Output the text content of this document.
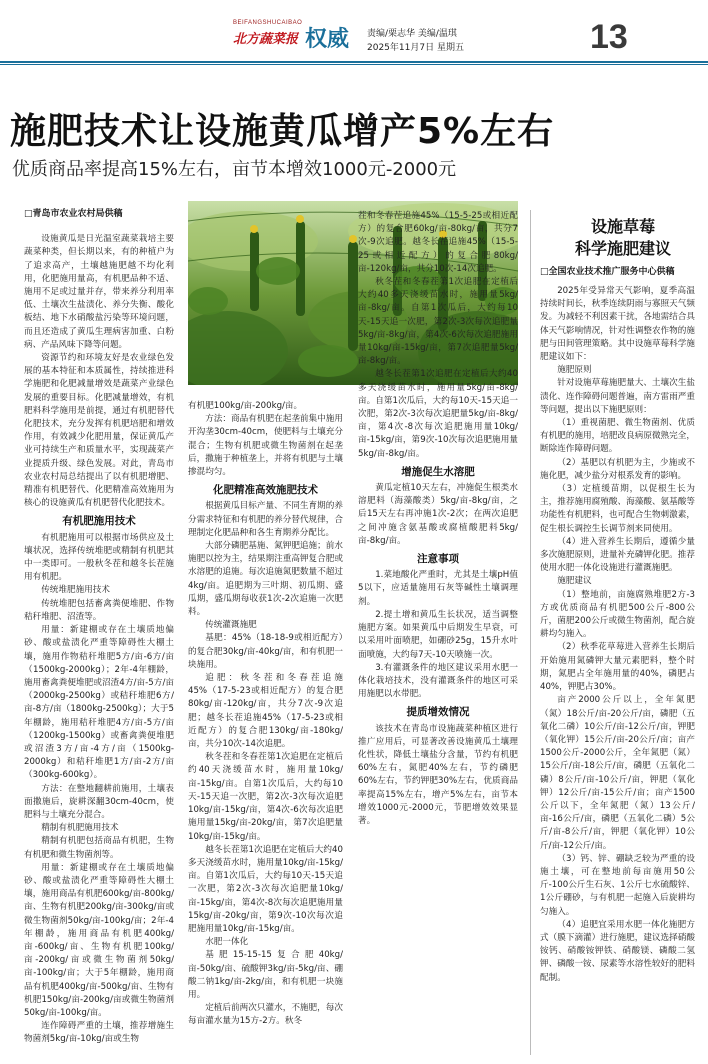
BEIFANGSHUCAIBAO
北方蔬菜报 权威 责编/栗志华 美编/温琪
2025年11月7日 星期五	13
施肥技术让设施黄瓜增产5%左右
优质商品率提高15%左右，亩节本增效1000元-2000元

□青岛市农业农村局供稿

设施黄瓜是日光温室蔬菜栽培主要蔬菜种类，但长期以来，有的种植户为了追求高产，土壤越施肥越不均化利用，化肥施用量高，有机肥品种不适、施用不足或过量并存，带来养分利用率低、土壤次生盐渍化、养分失衡、酸化板结、地下水硝酸盐污染等环境问题，而且还造成了黄瓜生理病害加重、白粉病、产品风味下降等问题。

资源节约和环境友好是农业绿色发展的基本特征和本质属性，持续推进科学施肥和化肥减量增效是蔬菜产业绿色发展的重要目标。化肥减量增效，有机肥料科学施用是前提，通过有机肥替代化肥技术，充分发挥有机肥培肥和增效作用，有效减少化肥用量，保证黄瓜产业可持续生产和质量水平，实现蔬菜产业提质升级、绿色发展。对此，青岛市农业农村局总结提出了以有机肥增肥、精准有机肥替代、化肥精准高效施用为核心的设施黄瓜有机肥替代化肥技术。

有机肥施用技术

有机肥施用可以根据市场供应及土壤状况，选择传统堆肥或精制有机肥其中一类即可。一般秋冬茬和越冬长茬施用有机肥。

传统堆肥施用技术

传统堆肥包括畜禽粪便堆肥、作物秸秆堆肥、沼渣等。

用量：新建棚或存在土壤质地偏砂、酸或盐渍化严重等障碍性大棚土壤，施用作物秸秆堆肥5方/亩-6方/亩（1500kg-2000kg）；2年-4年棚龄，施用畜禽粪便堆肥或沼渣4方/亩-5方/亩（2000kg-2500kg）或秸秆堆肥6方/亩-8方/亩（1800kg-2500kg）；大于5年棚龄，施用秸秆堆肥4方/亩-5方/亩（1200kg-1500kg）或畜禽粪便堆肥或沼渣3方/亩-4方/亩（1500kg-2000kg）和秸秆堆肥1方/亩-2方/亩（300kg-600kg）。

方法：在整地翻耕前施用，土壤表面撒施后，旋耕深翻30cm-40cm，使肥料与土壤充分混合。

精制有机肥施用技术

精制有机肥包括商品有机肥，生物有机肥和微生物菌剂等。

用量：新建棚或存在土壤质地偏砂、酸或盐渍化严重等障碍性大棚土壤，施用商品有机肥600kg/亩-800kg/亩、生物有机肥200kg/亩-300kg/亩或微生物菌剂50kg/亩-100kg/亩；2年-4年棚龄，施用商品有机肥400kg/亩-600kg/亩、生物有机肥100kg/亩-200kg/亩或微生物菌剂50kg/亩-100kg/亩；大于5年棚龄，施用商品有机肥400kg/亩-500kg/亩、生物有机肥150kg/亩-200kg/亩或微生物菌剂50kg/亩-100kg/亩。

连作障碍严重的土壤，推荐增施生物菌剂5kg/亩-10kg/亩或生物

有机肥100kg/亩-200kg/亩。

方法：商品有机肥在起垄前集中施用开沟垄30cm-40cm，使肥料与土壤充分混合；生物有机肥或微生物菌剂在起垄后，撒施于种植垄上，并将有机肥与土壤掺混均匀。

化肥精准高效施肥技术

根据黄瓜目标产量、不同生育期的养分需求特征和有机肥的养分替代规律，合理制定化肥品种和各生育期养分配比。

大部分磷肥基施、氮钾肥追施；前水施肥以控为主，结果期注重高钾复合肥或水溶肥的追施。每次追施氮肥数量不超过4kg/亩。追肥期为三叶期、初瓜期、盛瓜期，盛瓜期每收获1次-2次追施一次肥料。

传统灌溉施肥

基肥：45%（18-18-9或相近配方）的复合肥30kg/亩-40kg/亩，和有机肥一块施用。

追肥：秋冬茬和冬春茬追施45%（17-5-23或相近配方）的复合肥80kg/亩-120kg/亩，共分7次-9次追肥；越冬长茬追施45%（17-5-23或相近配方）的复合肥130kg/亩-180kg/亩，共分10次-14次追肥。

秋冬茬和冬春茬第1次追肥在定植后约40天浇缓苗水时，施用量10kg/亩-15kg/亩。自第1次瓜后，大约每10天-15天追一次肥，第2次-3次每次追肥10kg/亩-15kg/亩，第4次-6次每次追肥施用量15kg/亩-20kg/亩，第7次追肥量10kg/亩-15kg/亩。

越冬长茬第1次追肥在定植后大约40多天浇缓苗水时，施用量10kg/亩-15kg/亩。自第1次瓜后，大约每10天-15天追一次肥，第2次-3次每次追肥量10kg/亩-15kg/亩，第4次-8次每次追肥施用量15kg/亩-20kg/亩，第9次-10次每次追肥施用量10kg/亩-15kg/亩。

水肥一体化

基肥15-15-15复合肥40kg/亩-50kg/亩、硫酸钾3kg/亩-5kg/亩、硼酸二钠1kg/亩-2kg/亩，和有机肥一块施用。

定植后前两次只灌水，不施肥，每次每亩灌水量为15方-2方。秋冬

茬和冬春茬追施45%（15-5-25或相近配方）的复合肥60kg/亩-80kg/亩，共分7次-9次追肥。越冬长茬追施45%（15-5-25或相近配方）的复合肥80kg/亩-120kg/亩，共分10次-14次追肥。

秋冬茬和冬春茬第1次追肥在定植后大约40多天浇缓苗水时，施用量5kg/亩-8kg/亩。自第1次瓜后，大约每10天-15天追一次肥，第2次-3次每次追肥量5kg/亩-8kg/亩，第4次-6次每次追肥施用量10kg/亩-15kg/亩，第7次追肥量5kg/亩-8kg/亩。

越冬长茬第1次追肥在定植后大约40多天浇缓苗水时，施用量5kg/亩-8kg/亩。自第1次瓜后，大约每10天-15天追一次肥，第2次-3次每次追肥量5kg/亩-8kg/亩，第4次-8次每次追肥施用量10kg/亩-15kg/亩，第9次-10次每次追肥施用量5kg/亩-8kg/亩。

增施促生水溶肥

黄瓜定植10天左右，冲施促生根类水溶肥料（海藻酸类）5kg/亩-8kg/亩，之后15天左右再冲施1次-2次；在两次追肥之间冲施含氨基酸或腐植酸肥料5kg/亩-8kg/亩。

注意事项

1.菜地酸化严重时，尤其是土壤pH值5以下，应适量施用石灰等碱性土壤调理剂。

2.提土增和黄瓜生长状况，适当调整施肥方案。如果黄瓜中后期发生早衰，可以采用叶面喷肥，如硼砂25g，15升水叶面喷施，大约每7天-10天喷施一次。

3.有灌溉条件的地区建议采用水肥一体化栽培技术，没有灌溉条件的地区可采用施肥以水带肥。

提质增效情况

该技术在青岛市设施蔬菜种植区进行推广应用后，可显著改善设施黄瓜土壤理化性状，降低土壤盐分含量，节约有机肥60%左右，氮肥40%左右，节约磷肥60%左右，节约钾肥30%左右，优质商品率提高15%左右，增产5%左右，亩节本增效1000元-2000元，节肥增效效果显著。

设施草莓
科学施肥建议
□全国农业技术推广服务中心供稿

2025年受异常天气影响，夏季高温持续时间长，秋季连续阴雨与寡照天气频发。为减轻不利因素干扰，各地需结合具体天气影响情况，针对性调整农作物的施肥与田间管理策略。其中设施草莓科学施肥建议如下：

施肥原则

针对设施草莓施肥量大、土壤次生盐渍化、连作障碍问题普遍，南方雷雨严重等问题，提出以下施肥原则：

（1）重视菌肥、微生物菌剂、优质有机肥的施用，培肥改良病原微熟完全，断除连作障碍问题。

（2）基肥以有机肥为主，少施或不施化肥，减少盐分对根系发育的影响。

（3）定植缓苗期，以促根生长为主，推荐施用腐殖酸、海藻酸、氨基酸等功能性有机肥料，也可配合生物刺激素，促生根长调控生长调节剂来同使用。

（4）进入营养生长期后，遵循少量多次施肥原则，进量补充磷钾化肥。推荐使用水肥一体化设施进行灌溉施肥。

施肥建议

（1）整地前，亩施腐熟堆肥2方-3方或优质商品有机肥500公斤-800公斤，菌肥200公斤或微生物菌剂，配合旋耕均匀施入。

（2）秋季花草莓进入营养生长期后开始施用氮磷钾大量元素肥料，整个时期，氮肥占全年施用量的40%，磷肥占40%，钾肥占30%。

亩产2000公斤以上，全年氮肥（氮）18公斤/亩-20公斤/亩，磷肥（五氧化二磷）10公斤/亩-12公斤/亩，钾肥（氧化钾）15公斤/亩-20公斤/亩；亩产1500公斤-2000公斤，全年氮肥（氮）15公斤/亩-18公斤/亩，磷肥（五氧化二磷）8公斤/亩-10公斤/亩，钾肥（氧化钾）12公斤/亩-15公斤/亩；亩产1500公斤以下，全年氮肥（氮）13公斤/亩-16公斤/亩，磷肥（五氧化二磷）5公斤/亩-8公斤/亩，钾肥（氧化钾）10公斤/亩-12公斤/亩。

（3）钙、锌、硼缺乏较为严重的设施土壤，可在整地前每亩施用50公斤-100公斤生石灰、1公斤七水硫酸锌、1公斤硼砂，与有机肥一起施入后旋耕均匀施入。

（4）追肥宜采用水肥一体化施肥方式（膜下滴灌）进行施肥，建议选择硝酸铵钙、硝酸铵钾铁、硝酸镁、磷酸二氢钾、磷酸一铵、尿素等水溶性较好的肥料配制。
